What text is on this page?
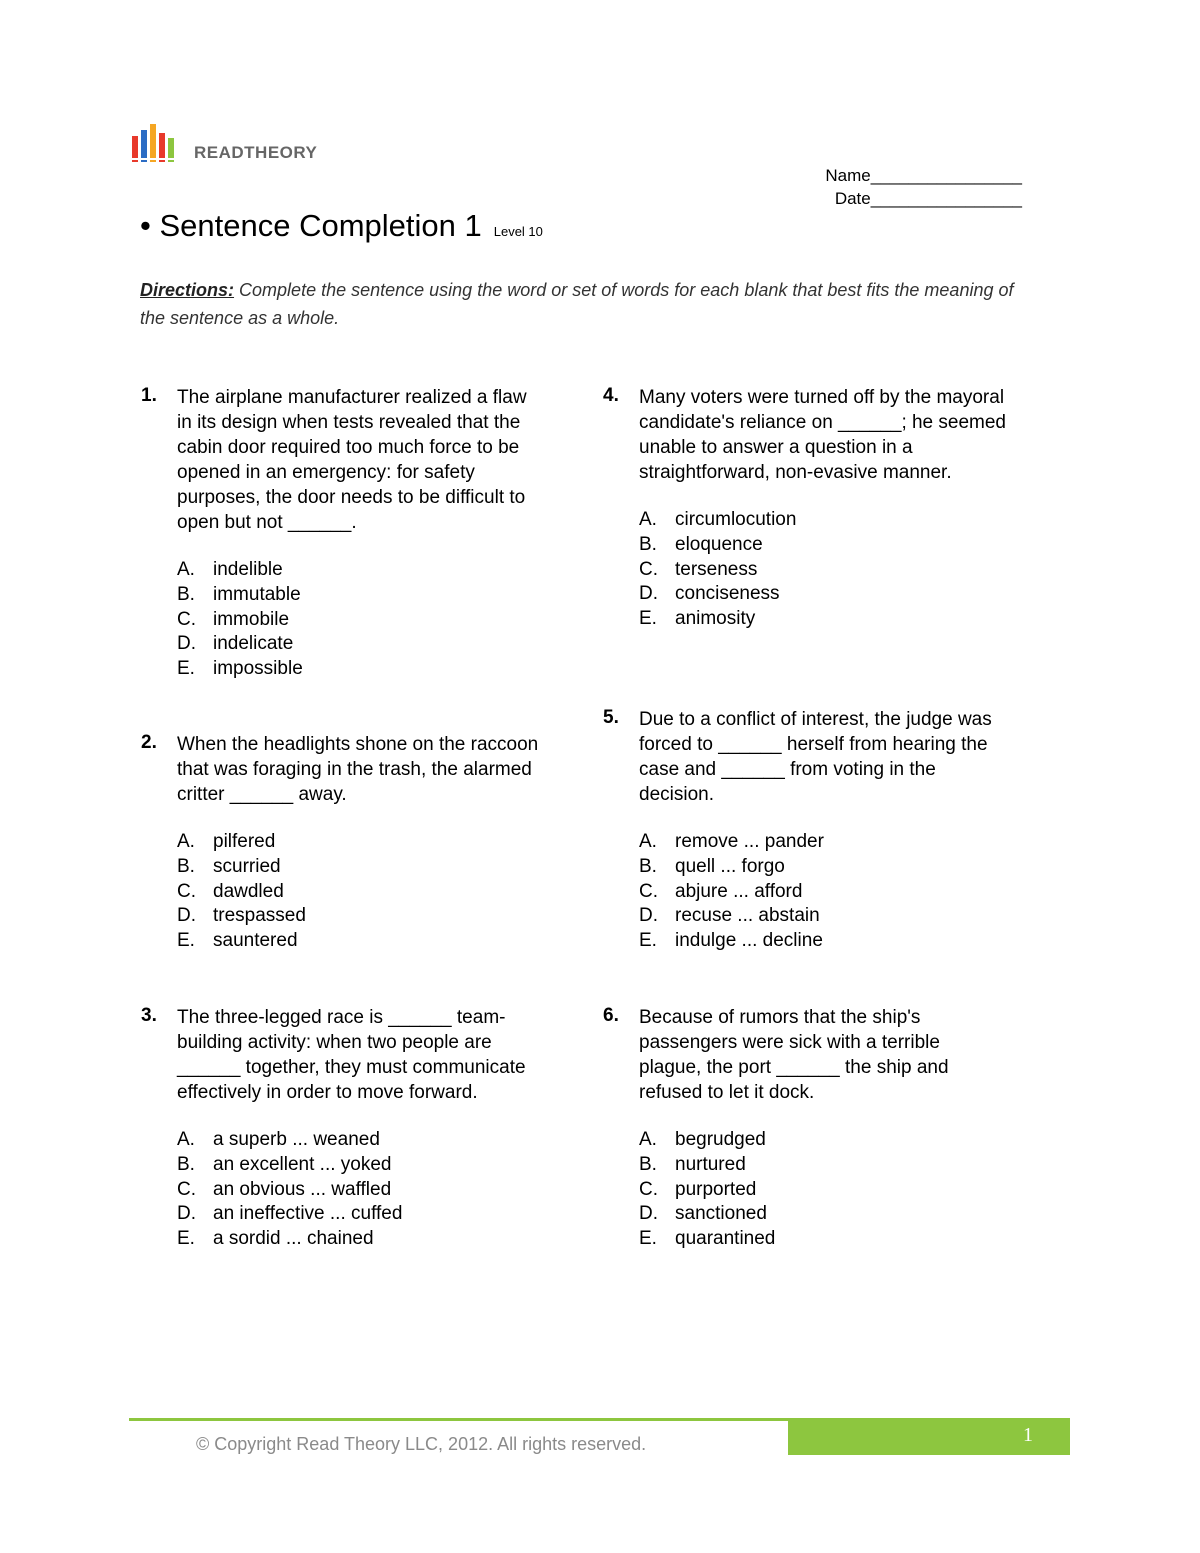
READTHEORY
Name________________
Date________________
• Sentence Completion 1 Level 10
Directions: Complete the sentence using the word or set of words for each blank that best fits the meaning of the sentence as a whole.
1. The airplane manufacturer realized a flaw in its design when tests revealed that the cabin door required too much force to be opened in an emergency: for safety purposes, the door needs to be difficult to open but not ______.
A. indelible
B. immutable
C. immobile
D. indelicate
E. impossible
2. When the headlights shone on the raccoon that was foraging in the trash, the alarmed critter ______ away.
A. pilfered
B. scurried
C. dawdled
D. trespassed
E. sauntered
3. The three-legged race is ______ team-building activity: when two people are ______ together, they must communicate effectively in order to move forward.
A. a superb ... weaned
B. an excellent ... yoked
C. an obvious ... waffled
D. an ineffective ... cuffed
E. a sordid ... chained
4. Many voters were turned off by the mayoral candidate's reliance on ______; he seemed unable to answer a question in a straightforward, non-evasive manner.
A. circumlocution
B. eloquence
C. terseness
D. conciseness
E. animosity
5. Due to a conflict of interest, the judge was forced to ______ herself from hearing the case and ______ from voting in the decision.
A. remove ... pander
B. quell ... forgo
C. abjure ... afford
D. recuse ... abstain
E. indulge ... decline
6. Because of rumors that the ship's passengers were sick with a terrible plague, the port ______ the ship and refused to let it dock.
A. begrudged
B. nurtured
C. purported
D. sanctioned
E. quarantined
© Copyright Read Theory LLC, 2012. All rights reserved.	1
